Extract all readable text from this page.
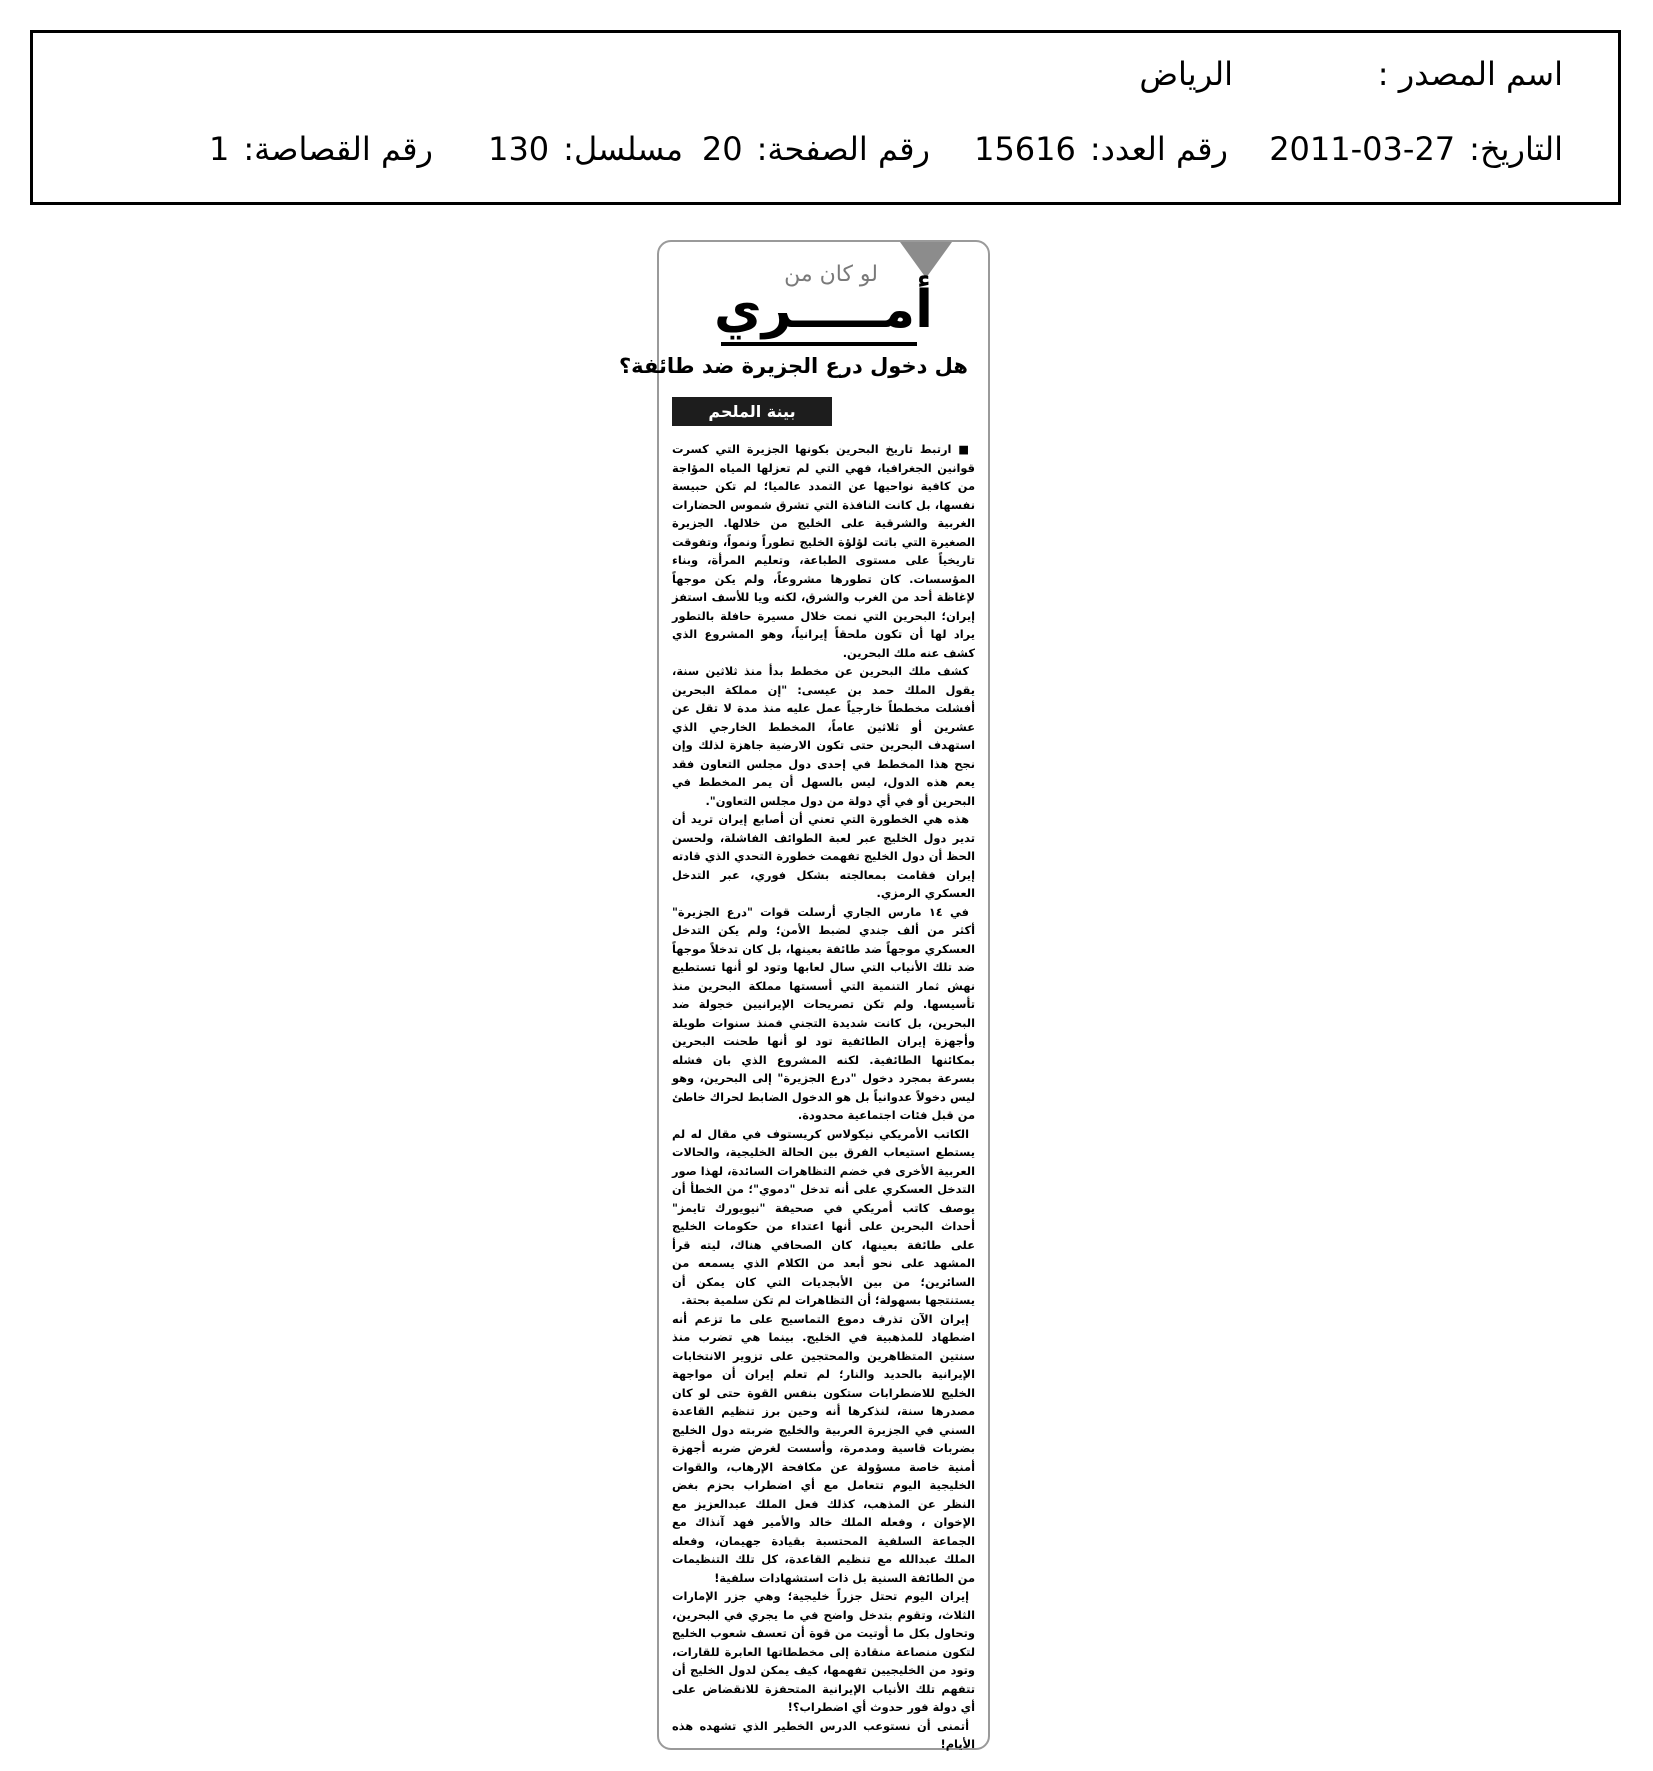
اسم المصدر :
الرياض
التاريخ:2011-03-27
رقم العدد:15616
رقم الصفحة:20
مسلسل:130
رقم القصاصة:1
لو كان من
أمـــــري
هل دخول درع الجزيرة ضد طائفة؟
بينة الملحم

■ ارتبط تاريخ البحرين بكونها الجزيرة التي كسرت قوانين الجغرافيا، فهي التي لم تعزلها المياه المؤاجة من كافية نواحيها عن التمدد عالميا؛ لم تكن حبيسة نفسها، بل كانت النافذة التي تشرق شموس الحضارات الغربية والشرقية على الخليج من خلالها. الجزيرة الصغيرة التي باتت لؤلؤة الخليج تطوراً ونمواً، وتفوقت تاريخياً على مستوى الطباعة، وتعليم المرأة، وبناء المؤسسات. كان تطورها مشروعاً، ولم يكن موجهاً لإغاظة أحد من الغرب والشرق، لكنه ويا للأسف استفز إيران؛ البحرين التي نمت خلال مسيرة حافلة بالتطور يراد لها أن تكون ملحقاً إيرانياً، وهو المشروع الذي كشف عنه ملك البحرين.

كشف ملك البحرين عن مخطط بدأ منذ ثلاثين سنة، يقول الملك حمد بن عيسى: "إن مملكة البحرين أفشلت مخططاً خارجياً عمل عليه منذ مدة لا تقل عن عشرين أو ثلاثين عاماً، المخطط الخارجي الذي استهدف البحرين حتى تكون الارضية جاهزة لذلك وإن نجح هذا المخطط في إحدى دول مجلس التعاون فقد يعم هذه الدول، ليس بالسهل أن يمر المخطط في البحرين أو في أي دولة من دول مجلس التعاون".

هذه هي الخطورة التي تعني أن أصابع إيران تريد أن تدير دول الخليج عبر لعبة الطوائف الفاشلة، ولحسن الحظ أن دول الخليج تفهمت خطورة التحدي الذي قادته إيران فقامت بمعالجته بشكل فوري، عبر التدخل العسكري الرمزي.

في ١٤ مارس الجاري أرسلت قوات "درع الجزيرة" أكثر من ألف جندي لضبط الأمن؛ ولم يكن التدخل العسكري موجهاً ضد طائفة بعينها، بل كان تدخلاً موجهاً ضد تلك الأنياب التي سال لعابها وتود لو أنها تستطيع نهش ثمار التنمية التي أسستها مملكة البحرين منذ تأسيسها. ولم تكن تصريحات الإيرانيين خجولة ضد البحرين، بل كانت شديدة التجني فمنذ سنوات طويلة وأجهزة إيران الطائفية تود لو أنها طحنت البحرين بمكائنها الطائفية. لكنه المشروع الذي بان فشله بسرعة بمجرد دخول "درع الجزيرة" إلى البحرين، وهو ليس دخولاً عدوانياً بل هو الدخول الضابط لحراك خاطئ من قبل فئات اجتماعية محدودة.

الكاتب الأمريكي نيكولاس كريستوف في مقال له لم يستطع استيعاب الفرق بين الحالة الخليجية، والحالات العربية الأخرى في خضم التظاهرات السائدة، لهذا صور التدخل العسكري على أنه تدخل "دموي"؛ من الخطأ أن يوصف كاتب أمريكي في صحيفة "نيويورك تايمز" أحداث البحرين على أنها اعتداء من حكومات الخليج على طائفة بعينها، كان الصحافي هناك، ليته قرأ المشهد على نحو أبعد من الكلام الذي يسمعه من السائرين؛ من بين الأبجديات التي كان يمكن أن يستنتجها بسهولة؛ أن التظاهرات لم تكن سلمية بحتة.

إيران الآن تذرف دموع التماسيح على ما تزعم أنه اضطهاد للمذهبية في الخليج. بينما هي تضرب منذ سنتين المتظاهرين والمحتجين على تزوير الانتخابات الإيرانية بالحديد والنار؛ لم تعلم إيران أن مواجهة الخليج للاضطرابات ستكون بنفس القوة حتى لو كان مصدرها سنة، لنذكرها أنه وحين برز تنظيم القاعدة السني في الجزيرة العربية والخليج ضربته دول الخليج بضربات قاسية ومدمرة، وأسست لغرض ضربه أجهزة أمنية خاصة مسؤولة عن مكافحة الإرهاب، والقوات الخليجية اليوم تتعامل مع أي اضطراب بحزم بغض النظر عن المذهب، كذلك فعل الملك عبدالعزيز مع الإخوان ، وفعله الملك خالد والأمير فهد آنذاك مع الجماعة السلفية المحتسبة بقيادة جهيمان، وفعله الملك عبدالله مع تنظيم القاعدة، كل تلك التنظيمات من الطائفة السنية بل ذات استشهادات سلفية!

إيران اليوم تحتل جزراً خليجية؛ وهي جزر الإمارات الثلاث، وتقوم بتدخل واضح في ما يجري في البحرين، وتحاول بكل ما أوتيت من قوة أن تعسف شعوب الخليج لتكون منصاعة منقادة إلى مخططاتها العابرة للقارات، وتود من الخليجيين تفهمها، كيف يمكن لدول الخليج أن تتفهم تلك الأنياب الإيرانية المتحفزة للانقضاض على أي دولة فور حدوث أي اضطراب؟!

أتمنى أن نستوعب الدرس الخطير الذي تشهده هذه الأيام!
